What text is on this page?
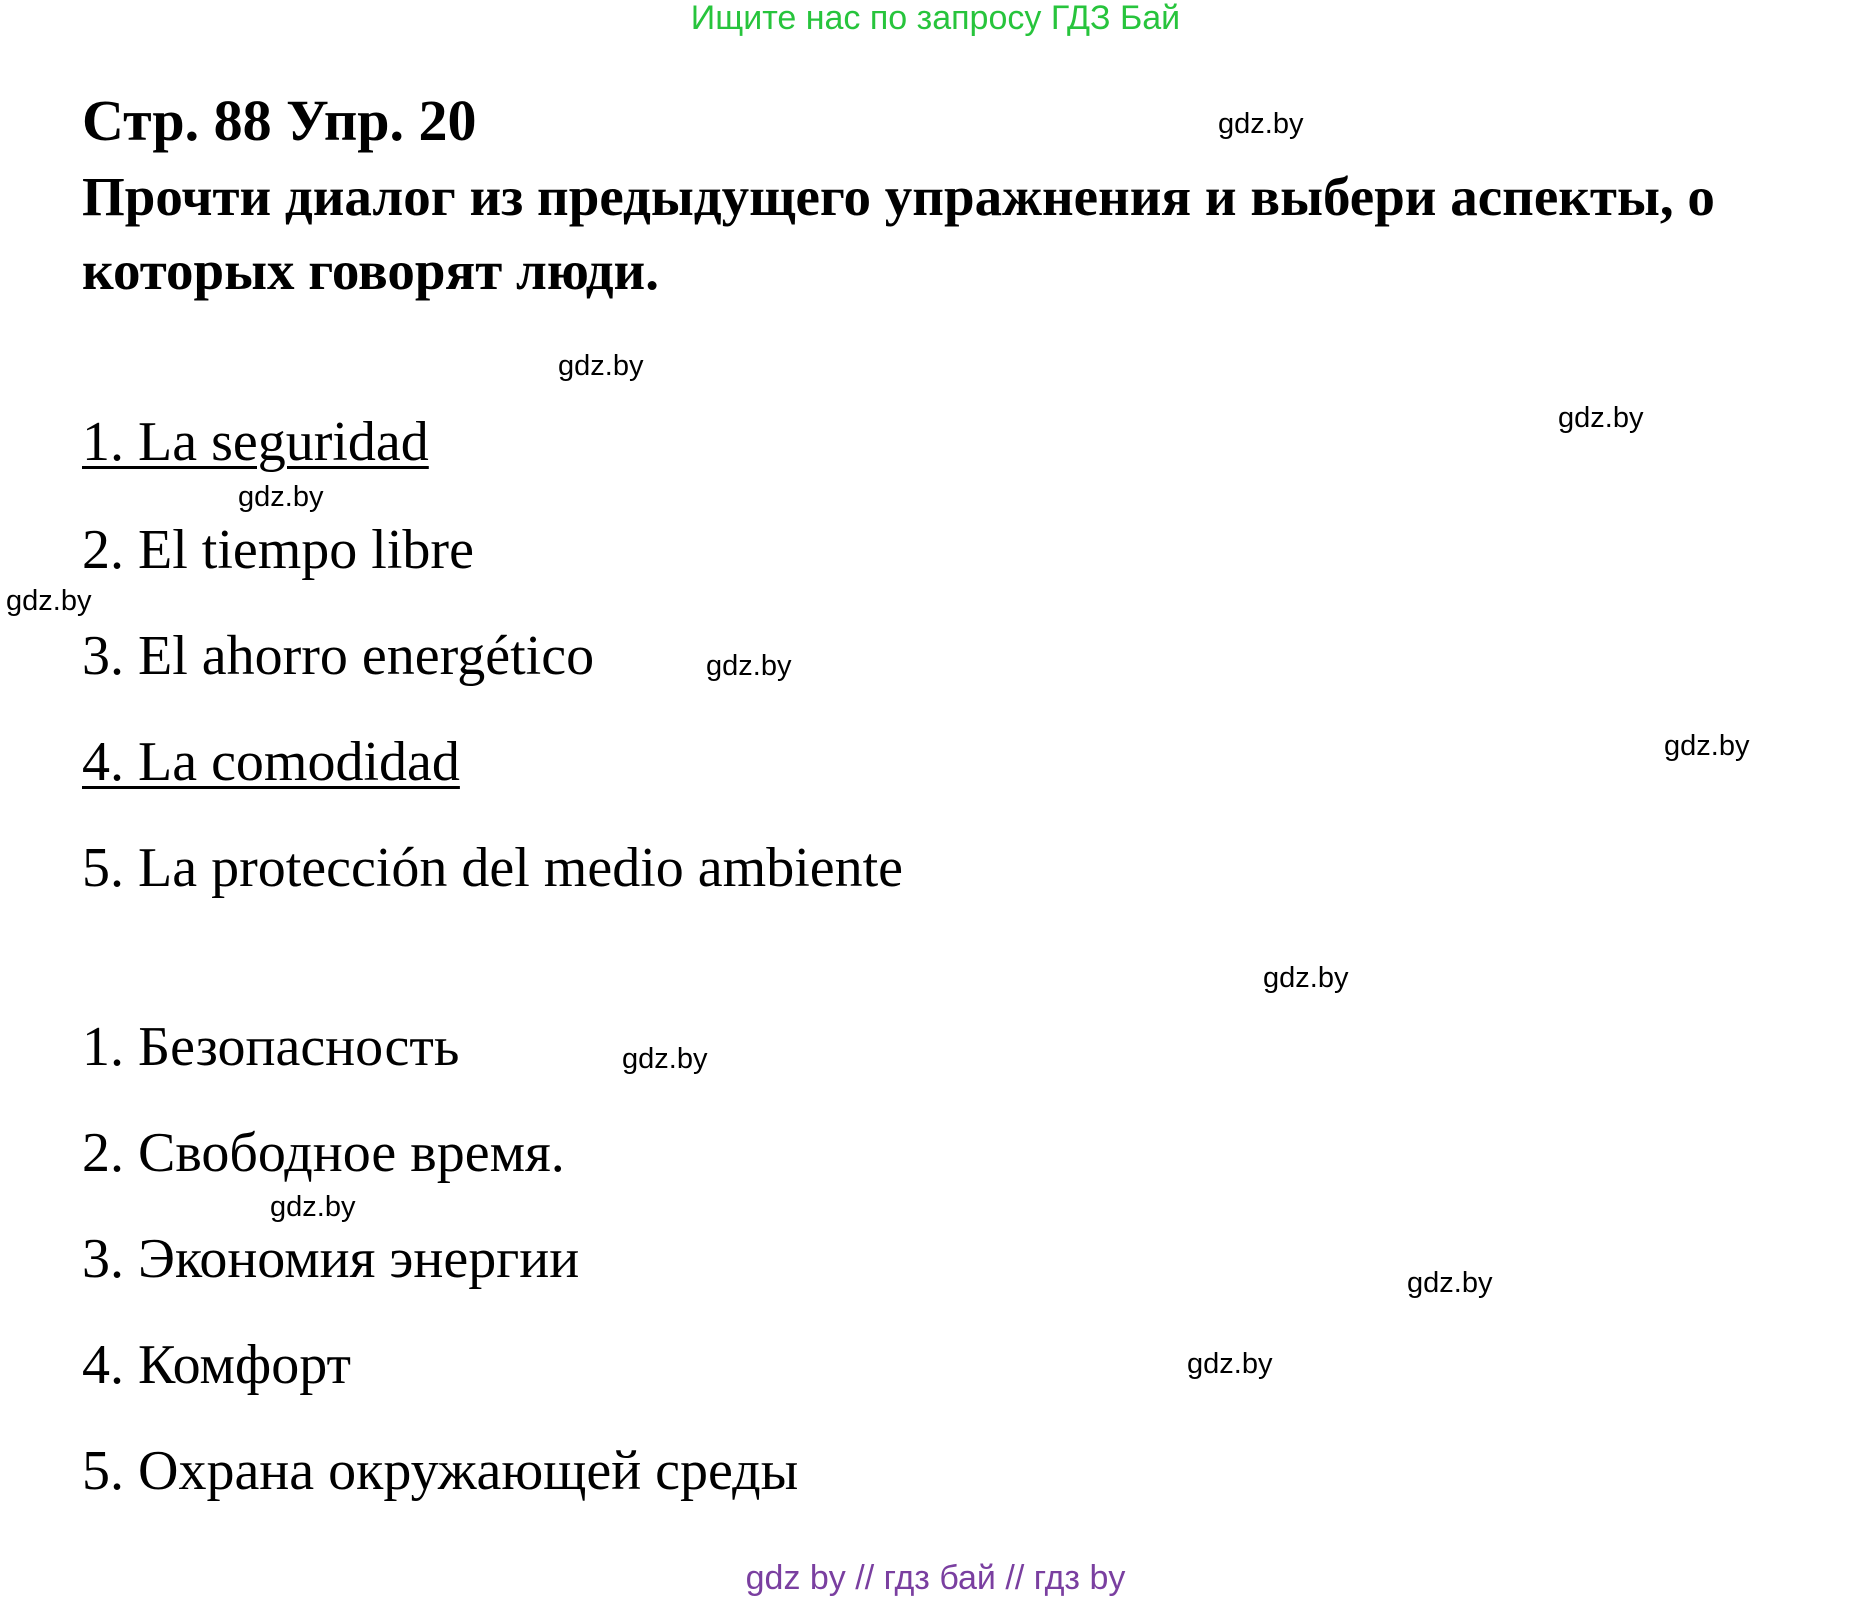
Ищите нас по запросу ГДЗ Бай
Стр. 88 Упр. 20
Прочти диалог из предыдущего упражнения и выбери аспекты, о которых говорят люди.
1. La seguridad
2. El tiempo libre
3. El ahorro energético
4. La comodidad
5. La protección del medio ambiente
1. Безопасность
2. Свободное время.
3. Экономия энергии
4. Комфорт
5. Охрана окружающей среды
gdz.by
gdz.by
gdz.by
gdz.by
gdz.by
gdz.by
gdz.by
gdz.by
gdz.by
gdz.by
gdz.by
gdz.by
gdz by // гдз бай // гдз by
